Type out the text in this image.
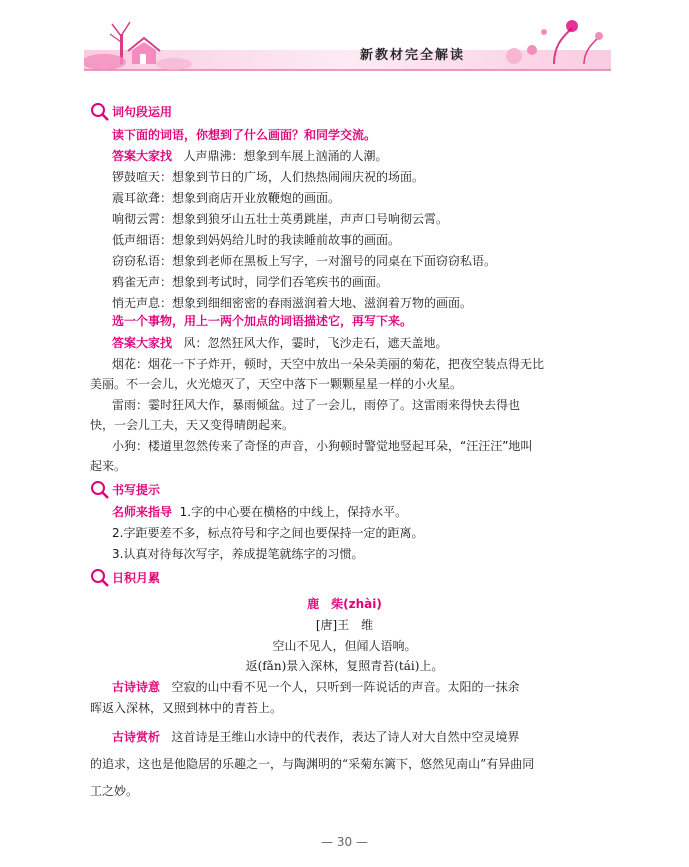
新教材完全解读
词句段运用
读下面的词语，你想到了什么画面？和同学交流。
答案大家找 人声鼎沸：想象到车展上汹涌的人潮。
锣鼓喧天：想象到节日的广场，人们热热闹闹庆祝的场面。
震耳欲聋：想象到商店开业放鞭炮的画面。
响彻云霄：想象到狼牙山五壮士英勇跳崖，声声口号响彻云霄。
低声细语：想象到妈妈给儿时的我读睡前故事的画面。
窃窃私语：想象到老师在黑板上写字，一对溜号的同桌在下面窃窃私语。
鸦雀无声：想象到考试时，同学们吞笔疾书的画面。
悄无声息：想象到细细密密的春雨滋润着大地、滋润着万物的画面。
选一个事物，用上一两个加点的词语描述它，再写下来。
答案大家找 风：忽然狂风大作，霎时，飞沙走石，遮天盖地。
烟花：烟花一下子炸开，顿时，天空中放出一朵朵美丽的菊花，把夜空装点得无比
美丽。不一会儿，火光熄灭了，天空中落下一颗颗星星一样的小火星。
雷雨：霎时狂风大作，暴雨倾盆。过了一会儿，雨停了。这雷雨来得快去得也
快，一会儿工夫，天又变得晴朗起来。
小狗：楼道里忽然传来了奇怪的声音，小狗顿时警觉地竖起耳朵，“汪汪汪”地叫
起来。
书写提示
名师来指导 1.字的中心要在横格的中线上，保持水平。
2.字距要差不多，标点符号和字之间也要保持一定的距离。
3.认真对待每次写字，养成提笔就练字的习惯。
日积月累
鹿　柴(zhài)
[唐]王　维
空山不见人，但闻人语响。
返(fǎn)景入深林，复照青苔(tái)上。
古诗诗意 空寂的山中看不见一个人，只听到一阵说话的声音。太阳的一抹余
晖返入深林，又照到林中的青苔上。
古诗赏析 这首诗是王维山水诗中的代表作，表达了诗人对大自然中空灵境界
的追求，这也是他隐居的乐趣之一，与陶渊明的“采菊东篱下，悠然见南山”有异曲同
工之妙。
— 30 —
